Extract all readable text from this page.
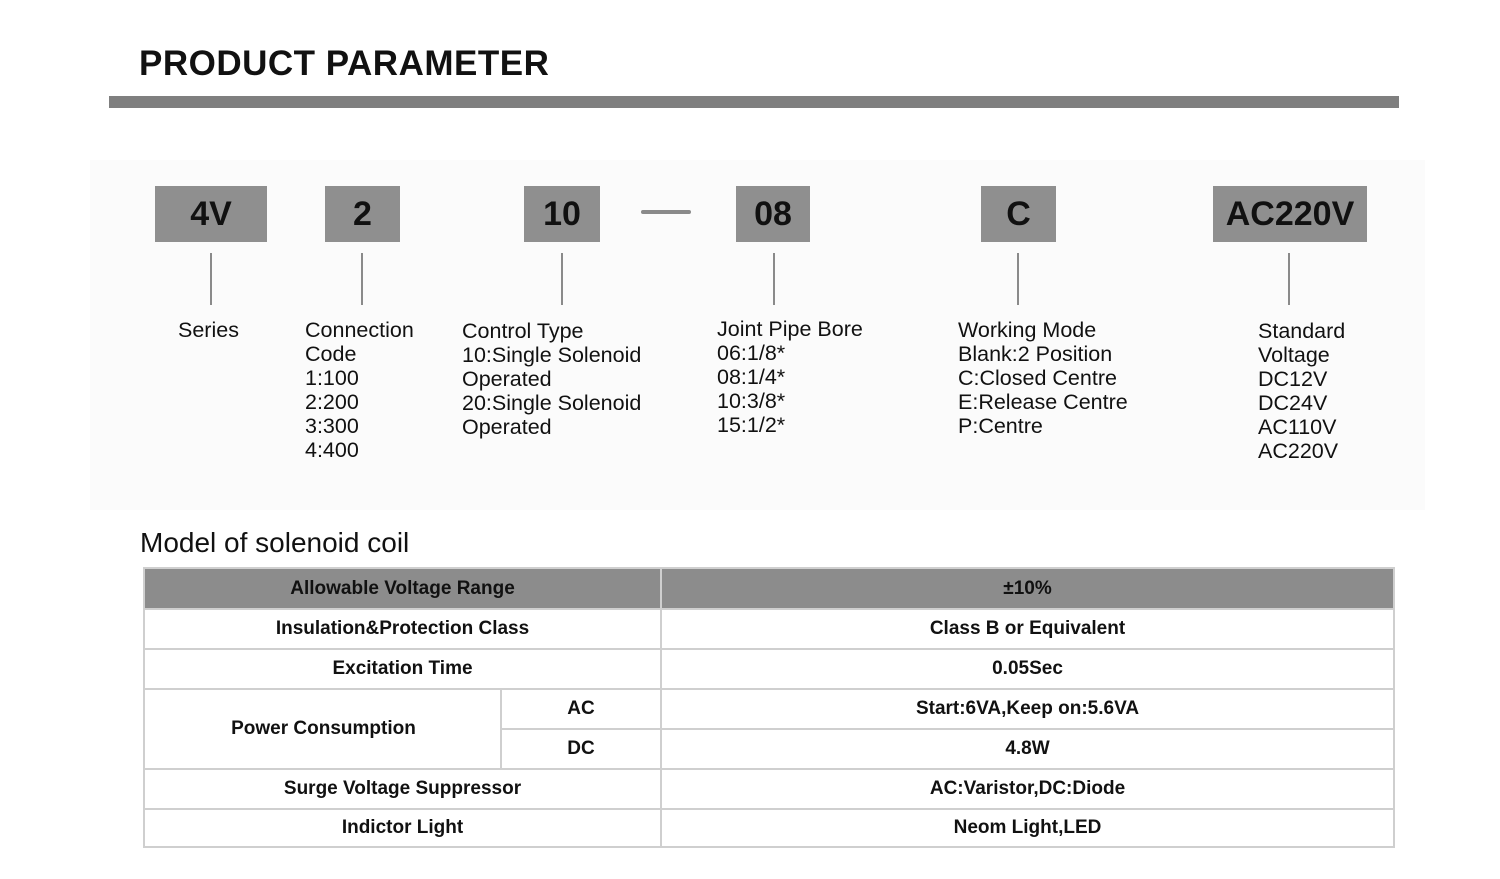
PRODUCT PARAMETER
4V	2	10	08	C	AC220V
Series	Connection
Code
1:100
2:200
3:300
4:400
Control Type
10:Single Solenoid
Operated
20:Single Solenoid
Operated
Joint Pipe Bore
06:1/8*
08:1/4*
10:3/8*
15:1/2*
Working Mode
Blank:2 Position
C:Closed Centre
E:Release Centre
P:Centre
Standard
Voltage
DC12V
DC24V
AC110V
AC220V
Model of solenoid coil
Allowable Voltage Range	±10%
Insulation&Protection Class	Class B or Equivalent
Excitation Time	0.05Sec
Power Consumption
AC	Start:6VA,Keep on:5.6VA
DC	4.8W
Surge Voltage Suppressor	AC:Varistor,DC:Diode
Indictor Light	Neom Light,LED
